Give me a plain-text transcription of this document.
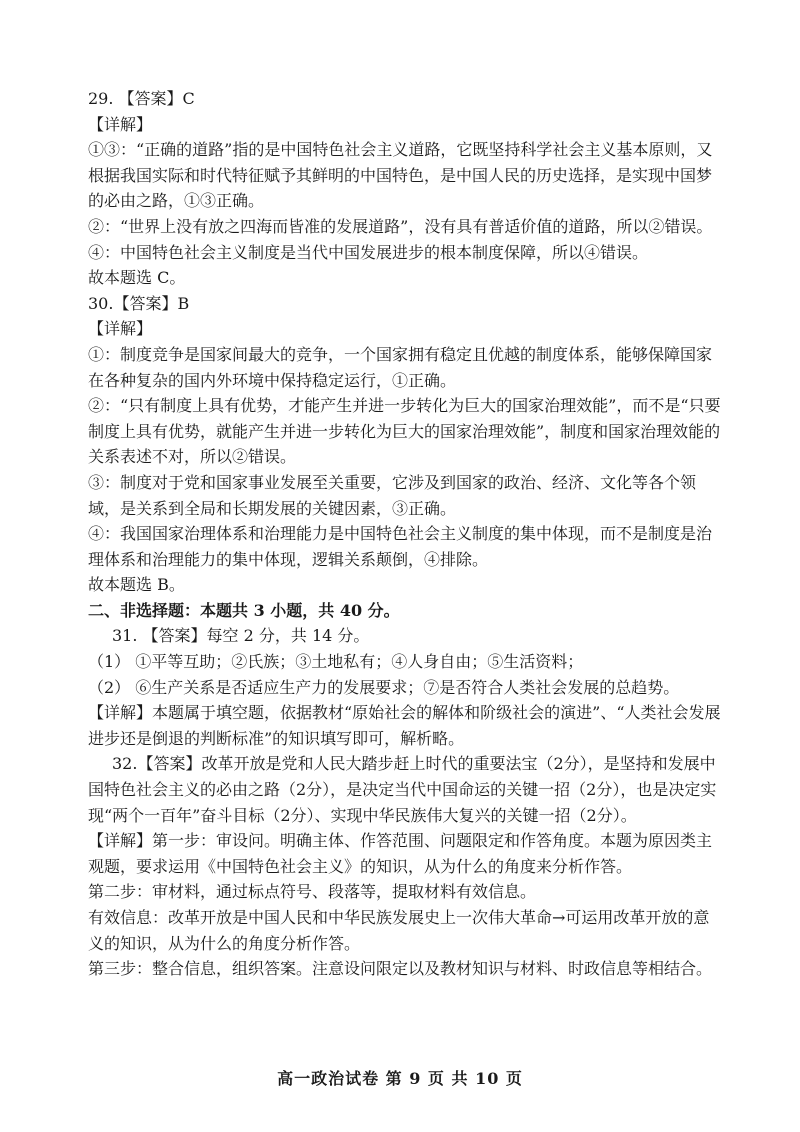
29. 【答案】C

【详解】

①③：“正确的道路”指的是中国特色社会主义道路，它既坚持科学社会主义基本原则，又根据我国实际和时代特征赋予其鲜明的中国特色，是中国人民的历史选择，是实现中国梦的必由之路，①③正确。

②：“世界上没有放之四海而皆准的发展道路”，没有具有普适价值的道路，所以②错误。

④：中国特色社会主义制度是当代中国发展进步的根本制度保障，所以④错误。

故本题选 C。

30.【答案】B

【详解】

①：制度竞争是国家间最大的竞争，一个国家拥有稳定且优越的制度体系，能够保障国家在各种复杂的国内外环境中保持稳定运行，①正确。

②：“只有制度上具有优势，才能产生并进一步转化为巨大的国家治理效能”，而不是“只要制度上具有优势，就能产生并进一步转化为巨大的国家治理效能”，制度和国家治理效能的关系表述不对，所以②错误。

③：制度对于党和国家事业发展至关重要，它涉及到国家的政治、经济、文化等各个领域，是关系到全局和长期发展的关键因素，③正确。

④：我国国家治理体系和治理能力是中国特色社会主义制度的集中体现，而不是制度是治理体系和治理能力的集中体现，逻辑关系颠倒，④排除。

故本题选 B。

二、非选择题：本题共 3 小题，共 40 分。

31. 【答案】每空 2 分，共 14 分。

（1） ①平等互助；②氏族；③土地私有；④人身自由；⑤生活资料；

（2） ⑥生产关系是否适应生产力的发展要求；⑦是否符合人类社会发展的总趋势。

【详解】本题属于填空题，依据教材“原始社会的解体和阶级社会的演进”、“人类社会发展进步还是倒退的判断标准”的知识填写即可，解析略。

32.【答案】改革开放是党和人民大踏步赶上时代的重要法宝（2分），是坚持和发展中国特色社会主义的必由之路（2分），是决定当代中国命运的关键一招（2分），也是决定实现“两个一百年”奋斗目标（2分）、实现中华民族伟大复兴的关键一招（2分）。

【详解】第一步：审设问。明确主体、作答范围、问题限定和作答角度。本题为原因类主观题，要求运用《中国特色社会主义》的知识，从为什么的角度来分析作答。

第二步：审材料，通过标点符号、段落等，提取材料有效信息。

有效信息：改革开放是中国人民和中华民族发展史上一次伟大革命→可运用改革开放的意义的知识，从为什么的角度分析作答。

第三步：整合信息，组织答案。注意设问限定以及教材知识与材料、时政信息等相结合。

高一政治试卷 第 9 页 共 10 页
